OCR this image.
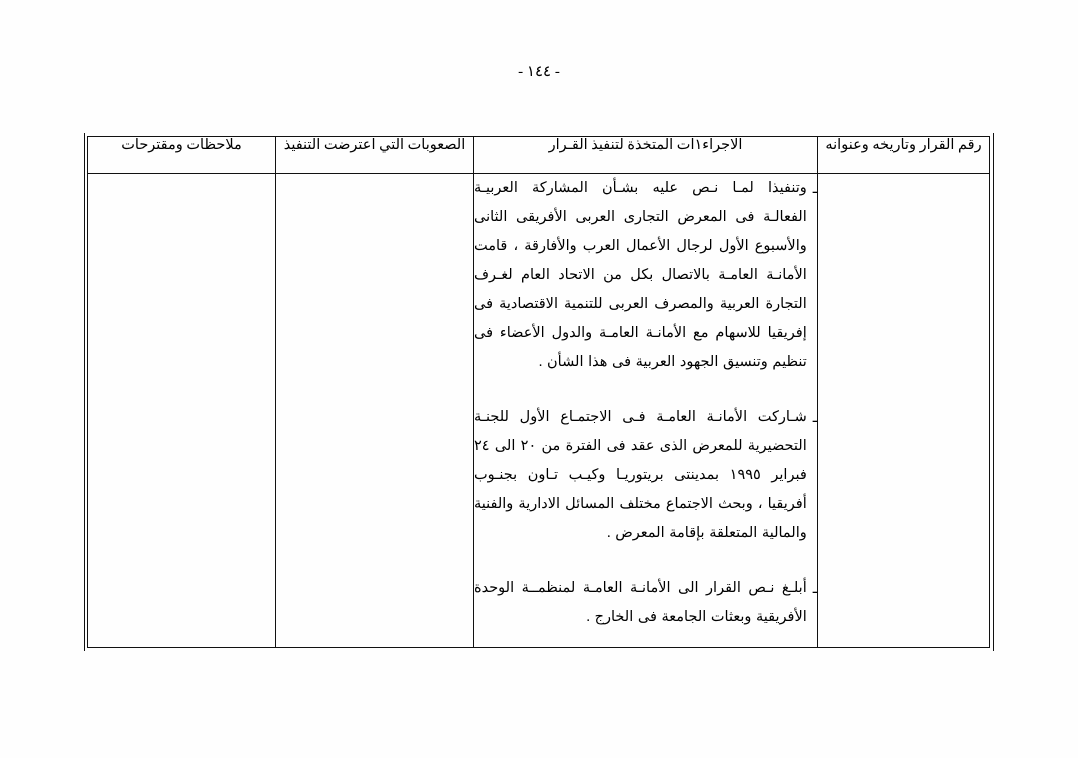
- ١٤٤ -
رقم القرار وتاريخه وعنوانه	الاجراء١ات المتخذة لتنفيذ القـرار	الصعوبات التي اعترضت التنفيذ	ملاحظات ومقترحات

ـ
وتنفيذا لمـا نـص عليه بشـأن المشاركة العربيـة
الفعالـة فى المعرض التجارى العربى الأفريقى الثانى
والأسبوع الأول لرجال الأعمال العرب والأفارقة ، قامت
الأمانـة العامـة بالاتصال بكل من الاتحاد العام لغـرف
التجارة العربية والمصرف العربى للتنمية الاقتصادية فى
إفريقيا للاسهام مع الأمانـة العامـة والدول الأعضاء فى
تنظيم وتنسيق الجهود العربية فى هذا الشأن .
ـ
شـاركت الأمانـة العامـة فـى الاجتمـاع الأول للجنـة
التحضيرية للمعرض الذى عقد فى الفترة من ٢٠ الى ٢٤
فبراير ١٩٩٥ بمدينتى بريتوريـا وكيـب تـاون بجنـوب
أفريقيا ، وبحث الاجتماع مختلف المسائل الادارية والفنية
والمالية المتعلقة بإقامة المعرض .
ـ
أبلـغ نـص القرار الى الأمانـة العامـة لمنظمــة الوحدة
الأفريقية وبعثات الجامعة فى الخارج .
